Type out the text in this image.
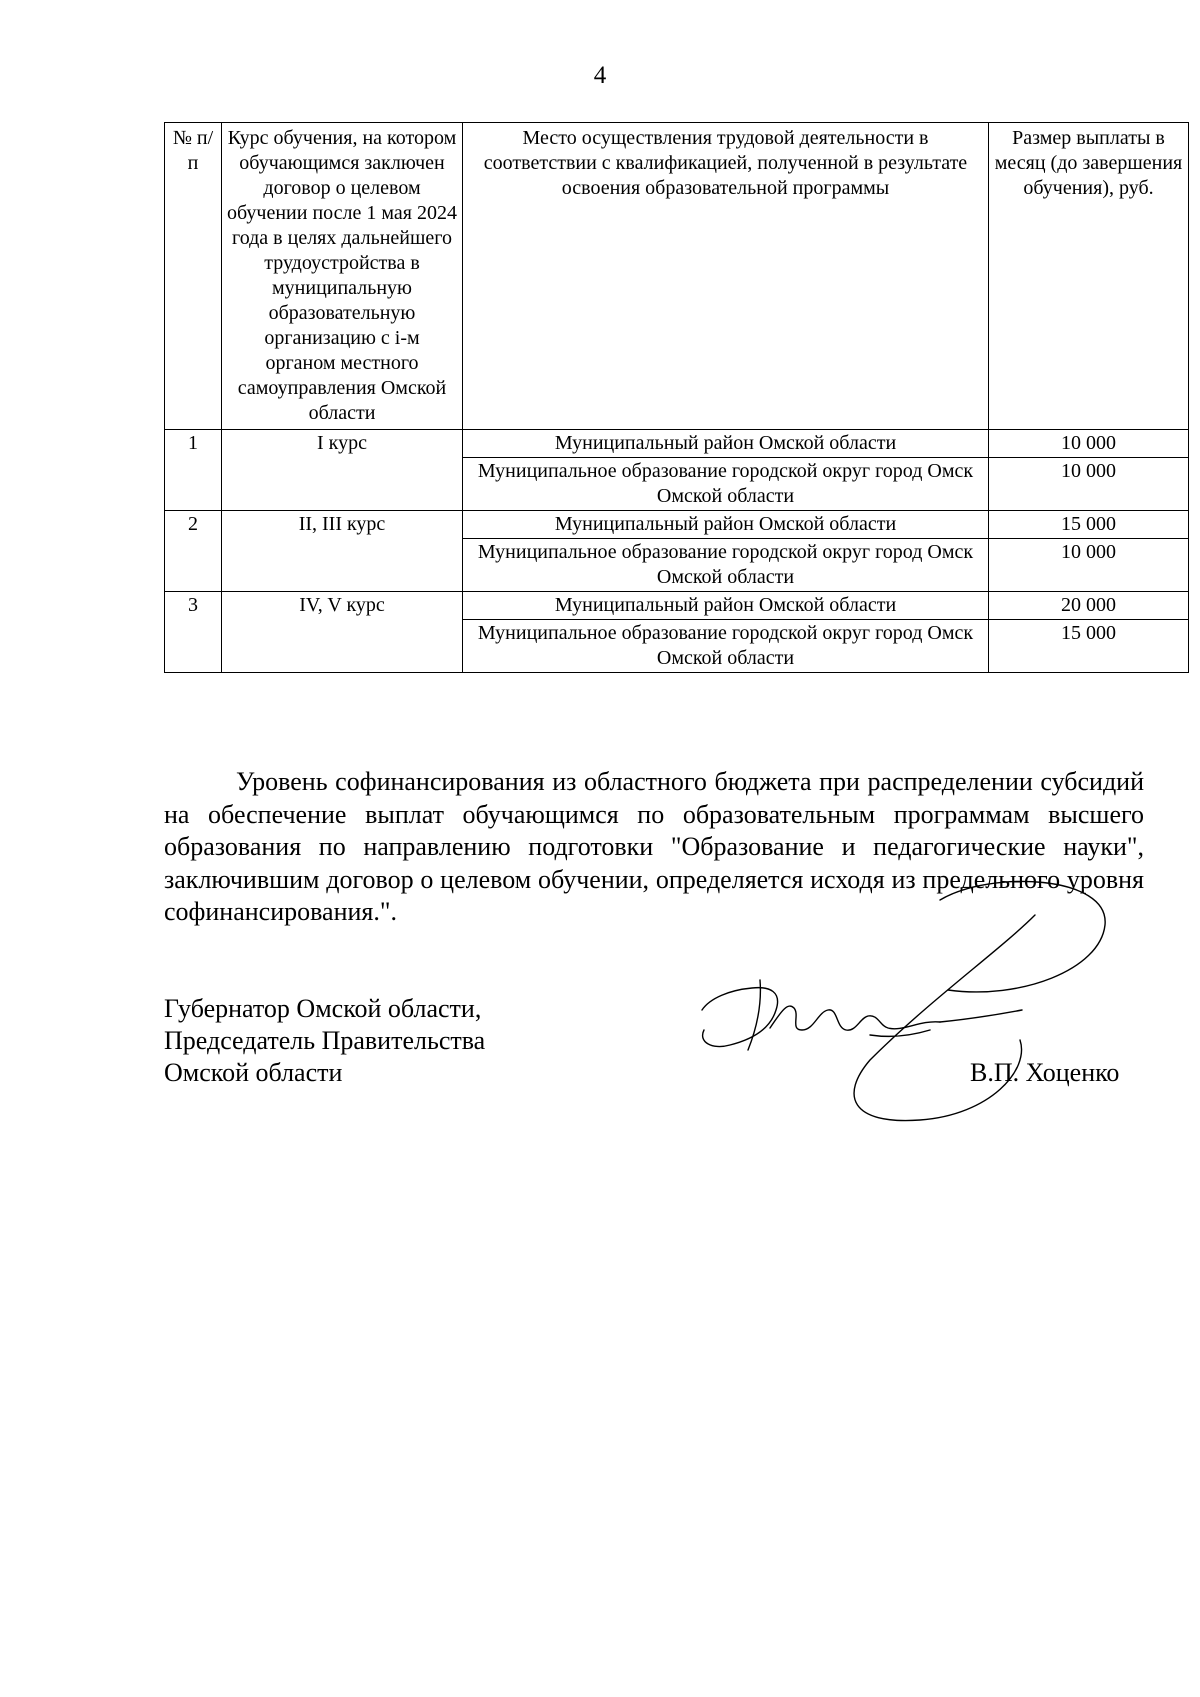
4
№ п/п	Курс обучения, на котором обучающимся заключен договор о целевом обучении после 1 мая 2024 года в целях дальнейшего трудоустройства в муниципальную образовательную организацию с i-м органом местного самоуправления Омской области	Место осуществления трудовой деятельности в соответствии с квалификацией, полученной в результате освоения образовательной программы	Размер выплаты в месяц (до завершения обучения), руб.
1	I курс	Муниципальный район Омской области	10 000
		Муниципальное образование городской округ город Омск Омской области	10 000
2	II, III курс	Муниципальный район Омской области	15 000
		Муниципальное образование городской округ город Омск Омской области	10 000
3	IV, V курс	Муниципальный район Омской области	20 000
		Муниципальное образование городской округ город Омск Омской области	15 000

Уровень софинансирования из областного бюджета при распределении субсидий на обеспечение выплат обучающимся по образовательным программам высшего образования по направлению подготовки "Образование и педагогические науки", заключившим договор о целевом обучении, определяется исходя из предельного уровня софинансирования.".

Губернатор Омской области,
Председатель Правительства
Омской области	В.П. Хоценко
